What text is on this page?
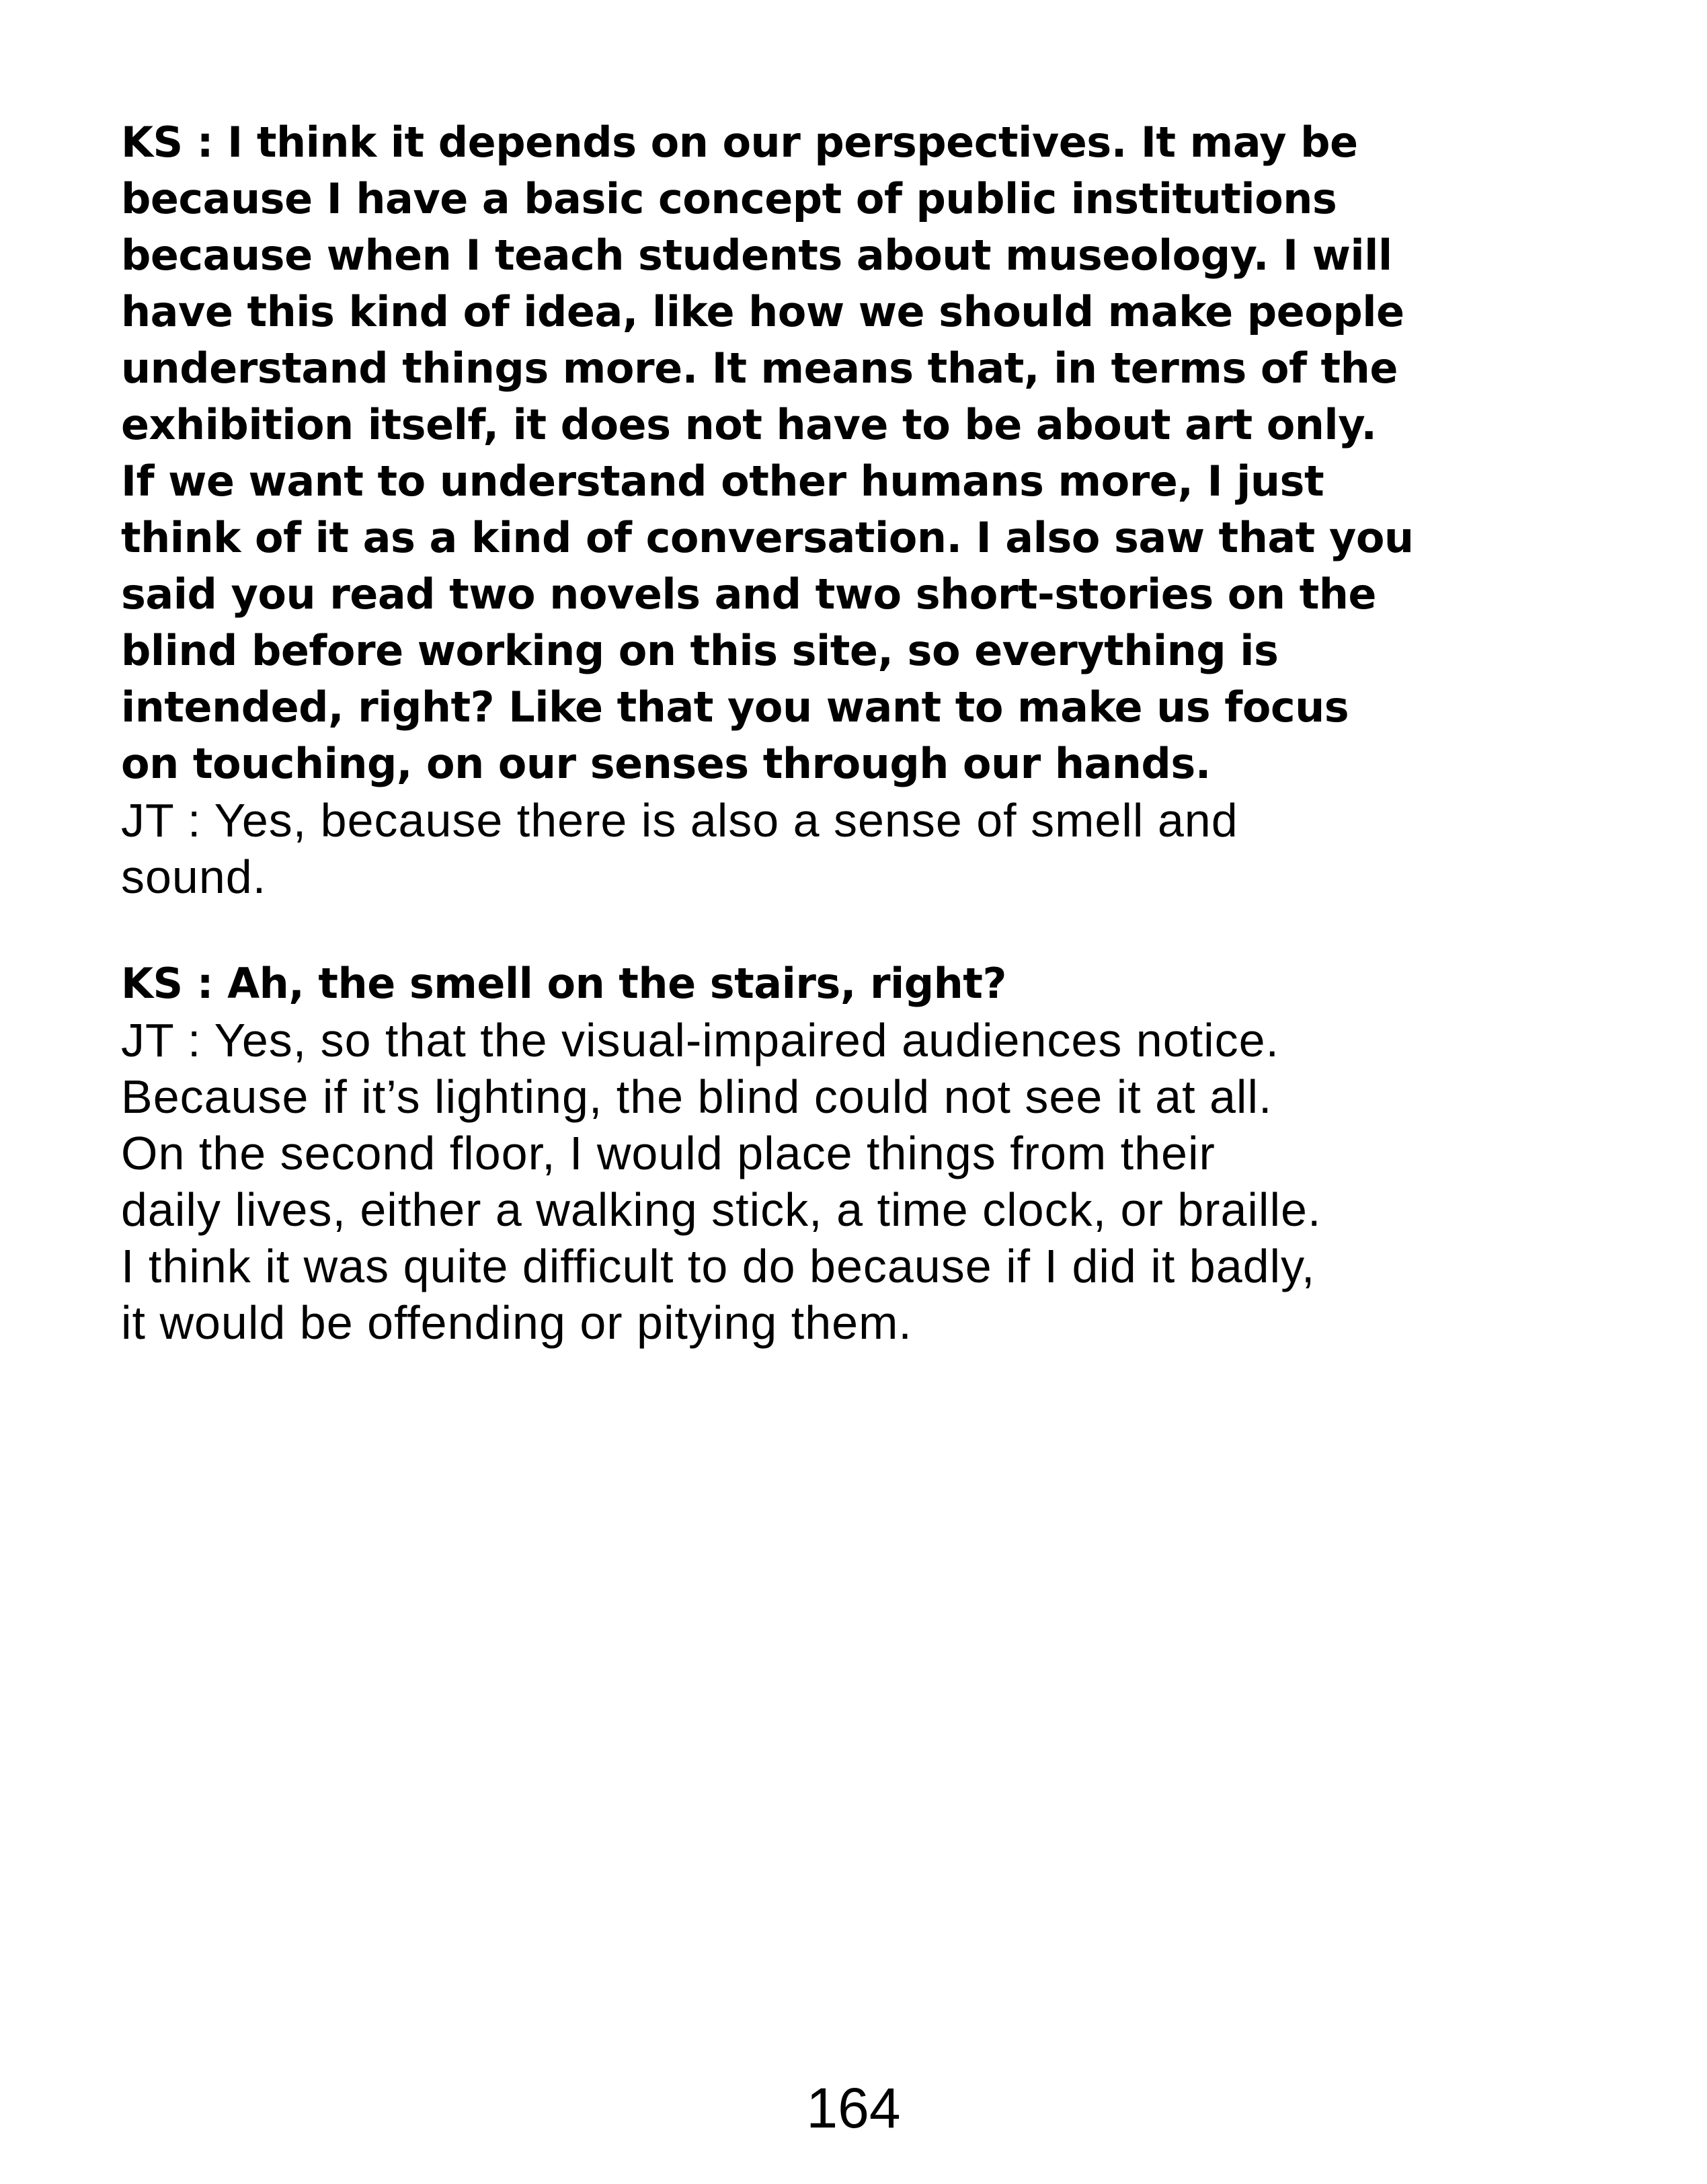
KS : I think it depends on our perspectives. It may be
because I have a basic concept of public institutions
because when I teach students about museology. I will
have this kind of idea, like how we should make people
understand things more. It means that, in terms of the
exhibition itself, it does not have to be about art only.
If we want to understand other humans more, I just
think of it as a kind of conversation. I also saw that you
said you read two novels and two short-stories on the
blind before working on this site, so everything is
intended, right? Like that you want to make us focus
on touching, on our senses through our hands.
JT : Yes, because there is also a sense of smell and
sound.
KS : Ah, the smell on the stairs, right?
JT : Yes, so that the visual-impaired audiences notice.
Because if it’s lighting, the blind could not see it at all.
On the second floor, I would place things from their
daily lives, either a walking stick, a time clock, or braille.
I think it was quite difficult to do because if I did it badly,
it would be offending or pitying them.
164
